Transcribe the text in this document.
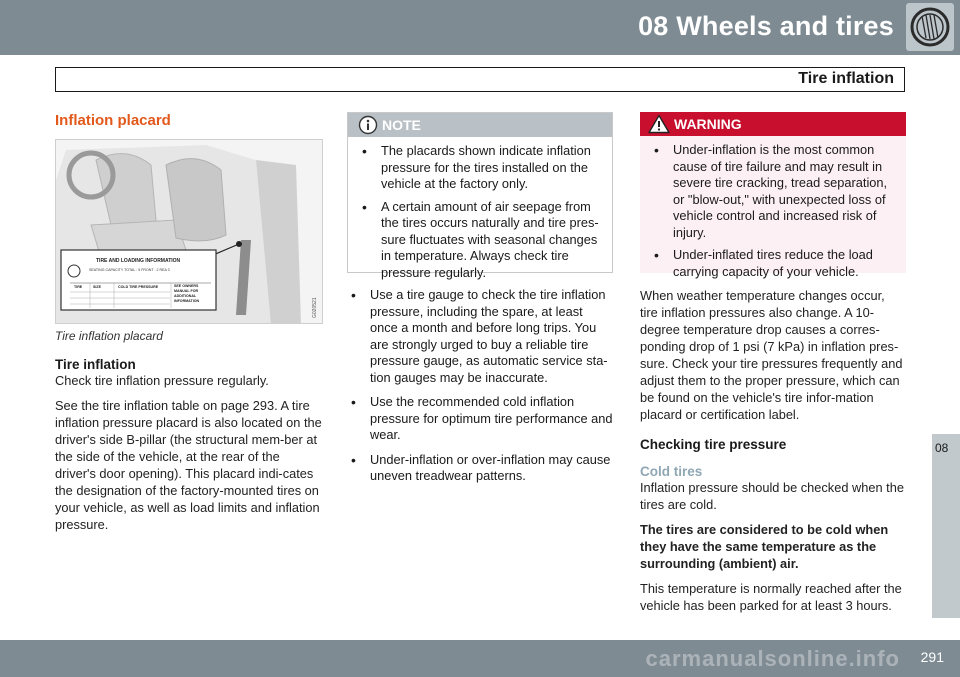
08 Wheels and tires
Tire inflation
Inflation placard
TIRE AND LOADING INFORMATION
SEATING CAPACITY TOTAL : 5 FRONT : 2 REA 3
TIRE	SIZE	COLD TIRE PRESSURE	SEE OWNERS MANUAL FOR ADDITIONAL INFORMATION	G020521
Tire inflation placard
Tire inflation
Check tire inflation pressure regularly.
See the tire inflation table on page 293. A tire inflation pressure placard is also located on the driver's side B-pillar (the structural mem-ber at the side of the vehicle, at the rear of the driver's door opening). This placard indi-cates the designation of the factory-mounted tires on your vehicle, as well as load limits and inflation pressure.
NOTE
• The placards shown indicate inflation pressure for the tires installed on the vehicle at the factory only.
• A certain amount of air seepage from the tires occurs naturally and tire pres-sure fluctuates with seasonal changes in temperature. Always check tire pressure regularly.
• Use a tire gauge to check the tire inflation pressure, including the spare, at least once a month and before long trips. You are strongly urged to buy a reliable tire pressure gauge, as automatic service sta-tion gauges may be inaccurate.
• Use the recommended cold inflation pressure for optimum tire performance and wear.
• Under-inflation or over-inflation may cause uneven treadwear patterns.
WARNING
• Under-inflation is the most common cause of tire failure and may result in severe tire cracking, tread separation, or "blow-out," with unexpected loss of vehicle control and increased risk of injury.
• Under-inflated tires reduce the load carrying capacity of your vehicle.
When weather temperature changes occur, tire inflation pressures also change. A 10-degree temperature drop causes a corres-ponding drop of 1 psi (7 kPa) in inflation pres-sure. Check your tire pressures frequently and adjust them to the proper pressure, which can be found on the vehicle's tire infor-mation placard or certification label.
Checking tire pressure
Cold tires
Inflation pressure should be checked when the tires are cold.
The tires are considered to be cold when they have the same temperature as the surrounding (ambient) air.
This temperature is normally reached after the vehicle has been parked for at least 3 hours.
08
carmanualsonline.info 291
